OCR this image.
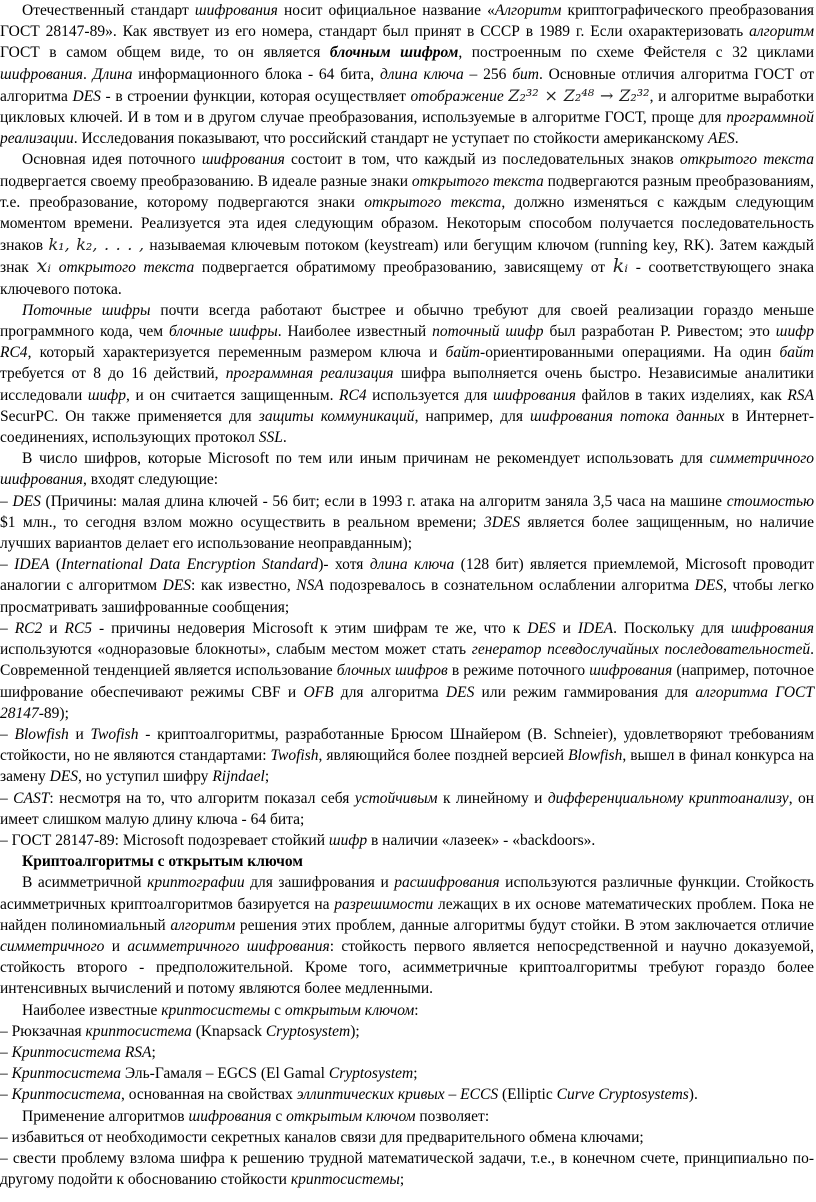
Отечественный стандарт шифрования носит официальное название «Алгоритм криптографического преобразования ГОСТ 28147-89». Как явствует из его номера, стандарт был принят в СССР в 1989 г. Если охарактеризовать алгоритм ГОСТ в самом общем виде, то он является блочным шифром, построенным по схеме Фейстеля с 32 циклами шифрования. Длина информационного блока - 64 бита, длина ключа – 256 бит. Основные отличия алгоритма ГОСТ от алгоритма DES - в строении функции, которая осуществляет отображение Z₂³² × Z₂⁴⁸ → Z₂³², и алгоритме выработки цикловых ключей. И в том и в другом случае преобразования, используемые в алгоритме ГОСТ, проще для программной реализации. Исследования показывают, что российский стандарт не уступает по стойкости американскому AES.

Основная идея поточного шифрования состоит в том, что каждый из последовательных знаков открытого текста подвергается своему преобразованию. В идеале разные знаки открытого текста подвергаются разным преобразованиям, т.е. преобразование, которому подвергаются знаки открытого текста, должно изменяться с каждым следующим моментом времени. Реализуется эта идея следующим образом. Некоторым способом получается последовательность знаков k₁, k₂, . . . , называемая ключевым потоком (keystream) или бегущим ключом (running key, RK). Затем каждый знак xᵢ открытого текста подвергается обратимому преобразованию, зависящему от kᵢ - соответствующего знака ключевого потока.

Поточные шифры почти всегда работают быстрее и обычно требуют для своей реализации гораздо меньше программного кода, чем блочные шифры. Наиболее известный поточный шифр был разработан Р. Ривестом; это шифр RC4, который характеризуется переменным размером ключа и байт-ориентированными операциями. На один байт требуется от 8 до 16 действий, программная реализация шифра выполняется очень быстро. Независимые аналитики исследовали шифр, и он считается защищенным. RC4 используется для шифрования файлов в таких изделиях, как RSA SecurPC. Он также применяется для защиты коммуникаций, например, для шифрования потока данных в Интернет-соединениях, использующих протокол SSL.

В число шифров, которые Microsoft по тем или иным причинам не рекомендует использовать для симметричного шифрования, входят следующие:

– DES (Причины: малая длина ключей - 56 бит; если в 1993 г. атака на алгоритм заняла 3,5 часа на машине стоимостью $1 млн., то сегодня взлом можно осуществить в реальном времени; 3DES является более защищенным, но наличие лучших вариантов делает его использование неоправданным);

– IDEA (International Data Encryption Standard)- хотя длина ключа (128 бит) является приемлемой, Microsoft проводит аналогии с алгоритмом DES: как известно, NSA подозревалось в сознательном ослаблении алгоритма DES, чтобы легко просматривать зашифрованные сообщения;

– RC2 и RC5 - причины недоверия Microsoft к этим шифрам те же, что к DES и IDEA. Поскольку для шифрования используются «одноразовые блокноты», слабым местом может стать генератор псевдослучайных последовательностей. Современной тенденцией является использование блочных шифров в режиме поточного шифрования (например, поточное шифрование обеспечивают режимы CBF и OFB для алгоритма DES или режим гаммирования для алгоритма ГОСТ 28147-89);

– Blowfish и Twofish - криптоалгоритмы, разработанные Брюсом Шнайером (B. Schneier), удовлетворяют требованиям стойкости, но не являются стандартами: Twofish, являющийся более поздней версией Blowfish, вышел в финал конкурса на замену DES, но уступил шифру Rijndael;

– CAST: несмотря на то, что алгоритм показал себя устойчивым к линейному и дифференциальному криптоанализу, он имеет слишком малую длину ключа - 64 бита;

– ГОСТ 28147-89: Microsoft подозревает стойкий шифр в наличии «лазеек» - «backdoors».

Криптоалгоритмы с открытым ключом

В асимметричной криптографии для зашифрования и расшифрования используются различные функции. Стойкость асимметричных криптоалгоритмов базируется на разрешимости лежащих в их основе математических проблем. Пока не найден полиномиальный алгоритм решения этих проблем, данные алгоритмы будут стойки. В этом заключается отличие симметричного и асимметричного шифрования: стойкость первого является непосредственной и научно доказуемой, стойкость второго - предположительной. Кроме того, асимметричные криптоалгоритмы требуют гораздо более интенсивных вычислений и потому являются более медленными.

Наиболее известные криптосистемы с открытым ключом:

– Рюкзачная криптосистема (Knapsack Cryptosystem);

– Криптосистема RSA;

– Криптосистема Эль-Гамаля – EGCS (El Gamal Cryptosystem;

– Криптосистема, основанная на свойствах эллиптических кривых – ECCS (Elliptic Curve Cryptosystems).

Применение алгоритмов шифрования с открытым ключом позволяет:

– избавиться от необходимости секретных каналов связи для предварительного обмена ключами;

– свести проблему взлома шифра к решению трудной математической задачи, т.е., в конечном счете, принципиально по-другому подойти к обоснованию стойкости криптосистемы;
